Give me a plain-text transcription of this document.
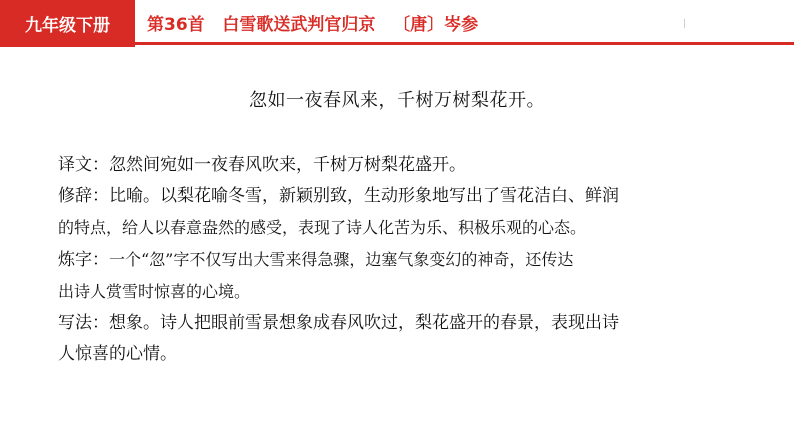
九年级下册 第36首   白雪歌送武判官归京   〔唐〕岑参
忽如一夜春风来，千树万树梨花开。

译文：忽然间宛如一夜春风吹来，千树万树梨花盛开。

修辞：比喻。以梨花喻冬雪，新颖别致，生动形象地写出了雪花洁白、鲜润
的特点，给人以春意盎然的感受，表现了诗人化苦为乐、积极乐观的心态。

炼字：一个“忽”字不仅写出大雪来得急骤，边塞气象变幻的神奇，还传达
出诗人赏雪时惊喜的心境。

写法：想象。诗人把眼前雪景想象成春风吹过，梨花盛开的春景，表现出诗
人惊喜的心情。
